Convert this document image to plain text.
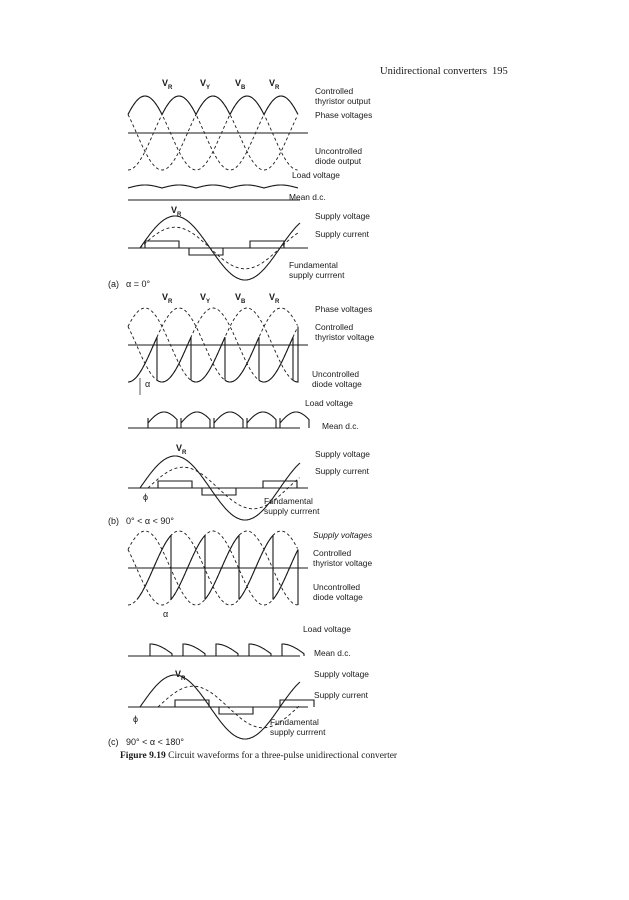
Unidirectional converters 195
$V_R$	$V_Y$	$V_B$	$V_R$
$V_R$
Controlled
thyristor output
Phase voltages
Uncontrolled
diode output
Load voltage
Mean d.c.
Supply voltage
Supply current
Fundamental
supply currrent
(a) α = 0°
$V_R$	$V_Y$	$V_B$	$V_R$
$V_R$
Phase voltages
Controlled
thyristor voltage
Uncontrolled
diode voltage
Load voltage
Mean d.c.
Supply voltage
Supply current
Fundamental
supply currrent
α
ϕ
(b) 0° < α < 90°
Supply voltages
Controlled
thyristor voltage
Uncontrolled
diode voltage
Load voltage
Mean d.c.
Supply voltage
Supply current
Fundamental
supply currrent
α
ϕ
$V_R$
(c) 90° < α < 180°
Figure 9.19 Circuit waveforms for a three-pulse unidirectional converter
